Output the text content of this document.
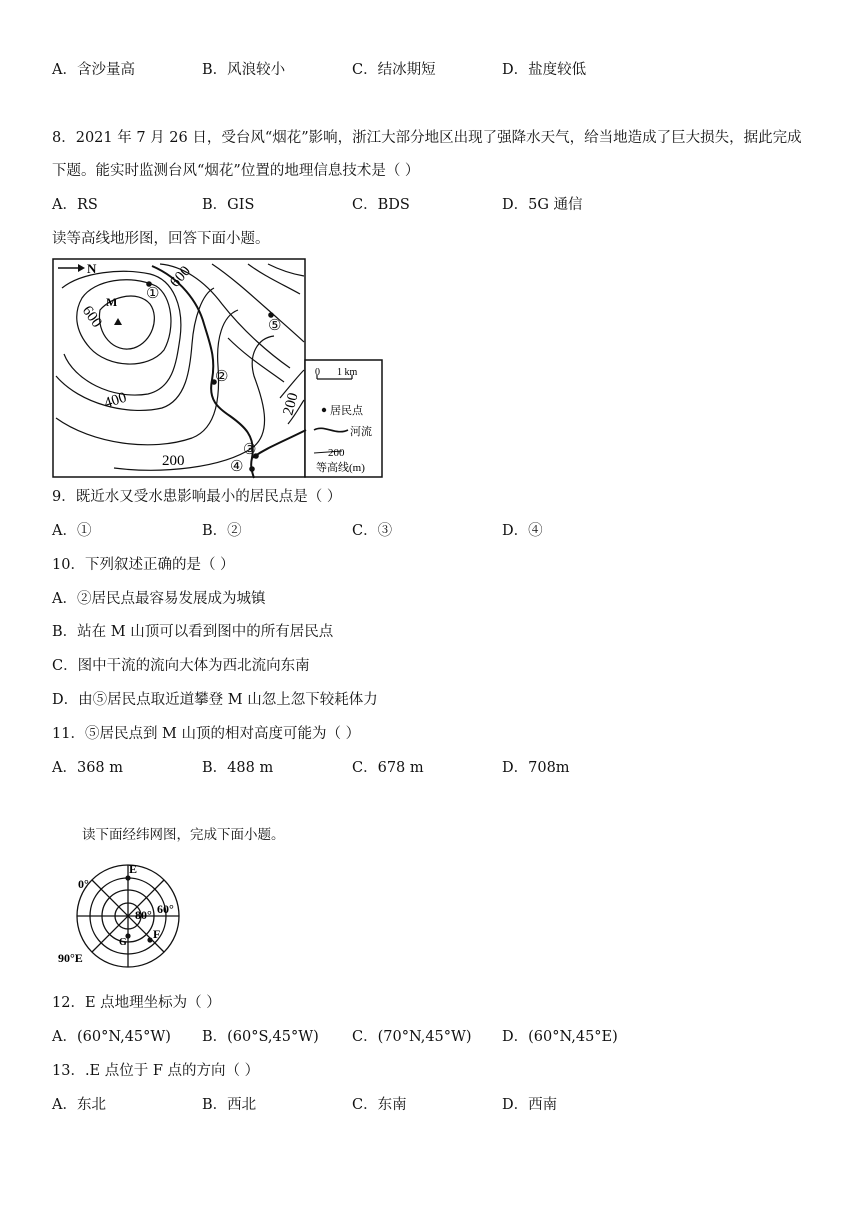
A．含沙量高	B．风浪较小	C．结冰期短	D．盐度较低
8．2021 年 7 月 26 日，受台风“烟花”影响，浙江大部分地区出现了强降水天气，给当地造成了巨大损失，据此完成
下题。能实时监测台风“烟花”位置的地理信息技术是（ ）
A．RS	B．GIS	C．BDS	D．5G 通信
读等高线地形图，回答下面小题。
N
M
600
600
400
200
200
①
⑤
②
③
④
0 1 km
居民点
河流
200
等高线(m)
9．既近水又受水患影响最小的居民点是（ ）
A．①	B．②	C．③	D．④
10．下列叙述正确的是（ ）
A．②居民点最容易发展成为城镇
B．站在 M 山顶可以看到图中的所有居民点
C．图中干流的流向大体为西北流向东南
D．由⑤居民点取近道攀登 M 山忽上忽下较耗体力
11．⑤居民点到 M 山顶的相对高度可能为（ ）
A．368 m	B．488 m	C．678 m	D．708m
读下面经纬网图，完成下面小题。
E
0°
80° 60°
G
F
90°E
12．E 点地理坐标为（ ）
A．(60°N,45°W) B．(60°S,45°W) C．(70°N,45°W) D．(60°N,45°E)
13．.E 点位于 F 点的方向（ ）
A．东北	B．西北	C．东南	D．西南
